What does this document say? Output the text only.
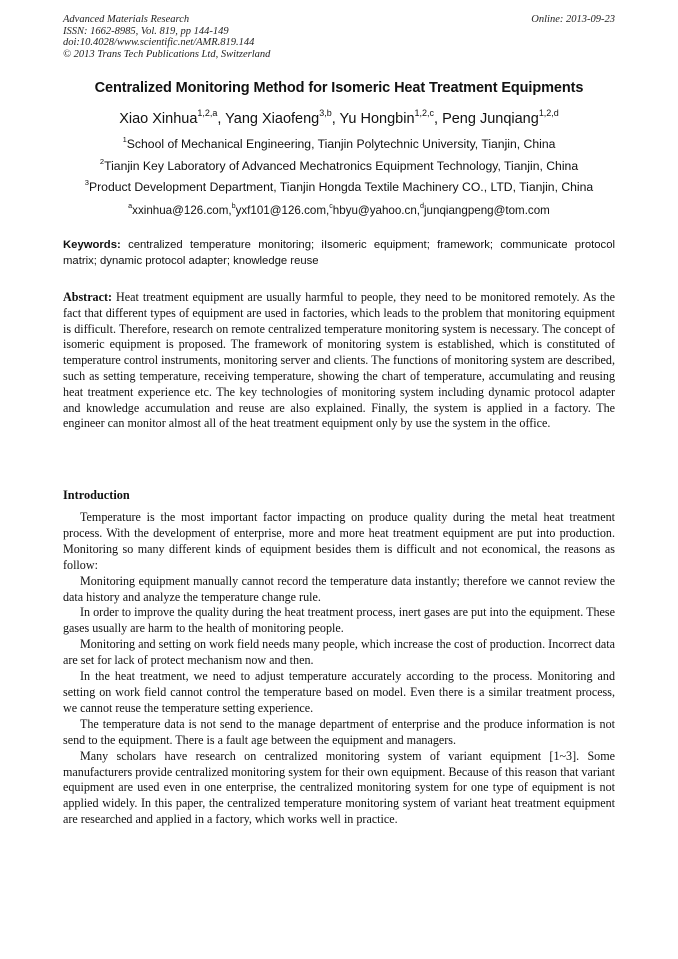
Advanced Materials Research
ISSN: 1662-8985, Vol. 819, pp 144-149
doi:10.4028/www.scientific.net/AMR.819.144
© 2013 Trans Tech Publications Ltd, Switzerland
Online: 2013-09-23
Centralized Monitoring Method for Isomeric Heat Treatment Equipments
Xiao Xinhua$^{1,2,a}$, Yang Xiaofeng$^{3,b}$, Yu Hongbin$^{1,2,c}$, Peng Junqiang$^{1,2,d}$
$^1$School of Mechanical Engineering, Tianjin Polytechnic University, Tianjin, China
$^2$Tianjin Key Laboratory of Advanced Mechatronics Equipment Technology, Tianjin, China
$^3$Product Development Department, Tianjin Hongda Textile Machinery CO., LTD, Tianjin, China
$^a$xxinhua@126.com,$^b$yxf101@126.com,$^c$hbyu@yahoo.cn,$^d$junqiangpeng@tom.com
Keywords: centralized temperature monitoring; iIsomeric equipment; framework; communicate protocol matrix; dynamic protocol adapter; knowledge reuse
Abstract: Heat treatment equipment are usually harmful to people, they need to be monitored remotely. As the fact that different types of equipment are used in factories, which leads to the problem that monitoring equipment is difficult. Therefore, research on remote centralized temperature monitoring system is necessary. The concept of isomeric equipment is proposed. The framework of monitoring system is established, which is constituted of temperature control instruments, monitoring server and clients. The functions of monitoring system are described, such as setting temperature, receiving temperature, showing the chart of temperature, accumulating and reusing heat treatment experience etc. The key technologies of monitoring system including dynamic protocol adapter and knowledge accumulation and reuse are also explained. Finally, the system is applied in a factory. The engineer can monitor almost all of the heat treatment equipment only by use the system in the office.
Introduction

Temperature is the most important factor impacting on produce quality during the metal heat treatment process. With the development of enterprise, more and more heat treatment equipment are put into production. Monitoring so many different kinds of equipment besides them is difficult and not economical, the reasons as follow:

Monitoring equipment manually cannot record the temperature data instantly; therefore we cannot review the data history and analyze the temperature change rule.

In order to improve the quality during the heat treatment process, inert gases are put into the equipment. These gases usually are harm to the health of monitoring people.

Monitoring and setting on work field needs many people, which increase the cost of production. Incorrect data are set for lack of protect mechanism now and then.

In the heat treatment, we need to adjust temperature accurately according to the process. Monitoring and setting on work field cannot control the temperature based on model. Even there is a similar treatment process, we cannot reuse the temperature setting experience.

The temperature data is not send to the manage department of enterprise and the produce information is not send to the equipment. There is a fault age between the equipment and managers.

Many scholars have research on centralized monitoring system of variant equipment [1~3]. Some manufacturers provide centralized monitoring system for their own equipment. Because of this reason that variant equipment are used even in one enterprise, the centralized monitoring system for one type of equipment is not applied widely. In this paper, the centralized temperature monitoring system of variant heat treatment equipment are researched and applied in a factory, which works well in practice.
